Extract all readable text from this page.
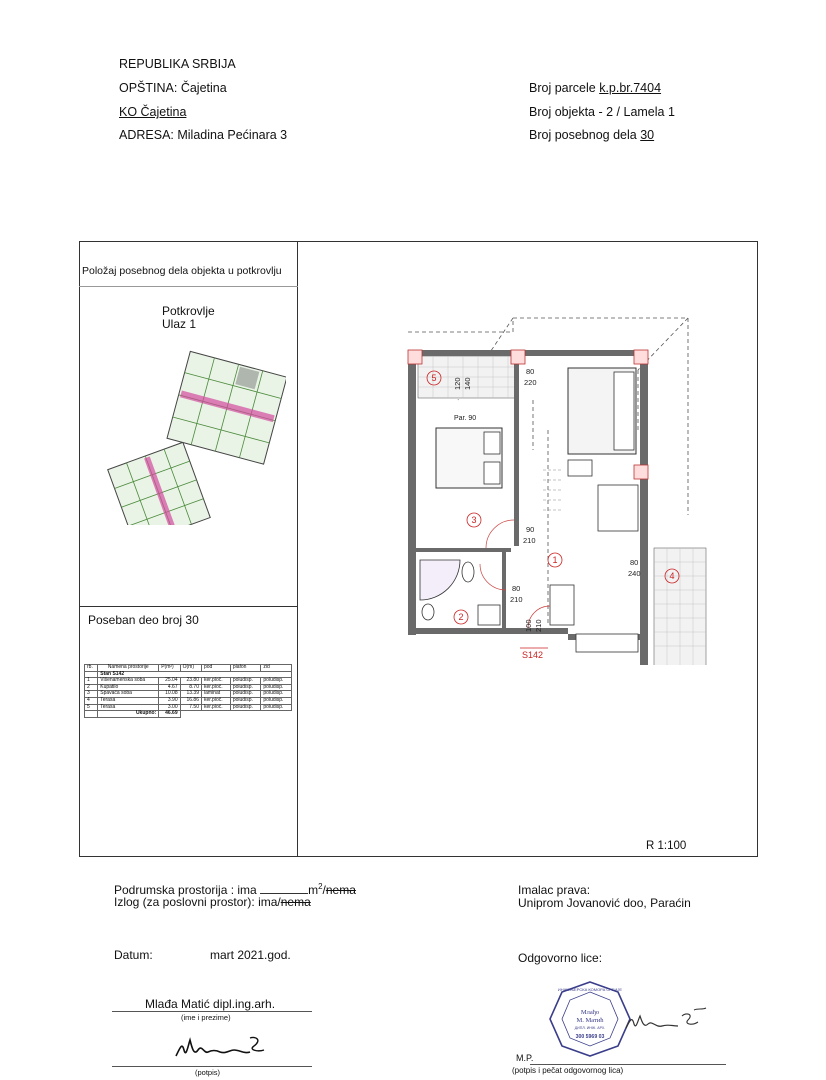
REPUBLIKA SRBIJA
OPŠTINA: Čajetina
KO Čajetina
ADRESA: Miladina Pećinara 3
Broj parcele k.p.br.7404
Broj objekta - 2 / Lamela 1
Broj posebnog dela 30
Položaj posebnog dela objekta u potkrovlju
Potkrovlje
Ulaz 1
Poseban deo broj 30
rb.	Namena prostorije	P(m²)	O(m)	pod	plafon	zid
	Stan S142					
1	Višenamenska soba	25.04	23.80	ker.ploč.	poludisp.	poludisp.
2	Kupatilo	4.67	8.70	ker.ploč.	poludisp.	poludisp.
3	Spavaća soba	10.08	13.39	laminat	poludisp.	poludisp.
4	Terasa	3.90	16.86	ker.ploč.	poludisp.	poludisp.
5	Terasa	3.00	7.50	ker.ploč.	poludisp.	poludisp.
	Ukupno:	46.69				
5
3
1
2
4
80
220
120 140
90
210
80
210
80
240
100 210
Par. 90
S142
R 1:100
Podrumska prostorija : ima	$m^2$/nema
Izlog (za poslovni prostor): ima/nema
Imalac prava:
Uniprom Jovanović doo, Paraćin
Datum:	mart 2021.god.	Odgovorno lice:
Mlađa Matić dipl.ing.arh.
(ime i prezime)
(potpis)
ИНЖЕЊЕРСКА КОМОРА СРБИЈЕ
Млађо
М. Матић
ДИПЛ. ИНЖ. АРХ.
300 5969 03
M.P.
(potpis i pečat odgovornog lica)
